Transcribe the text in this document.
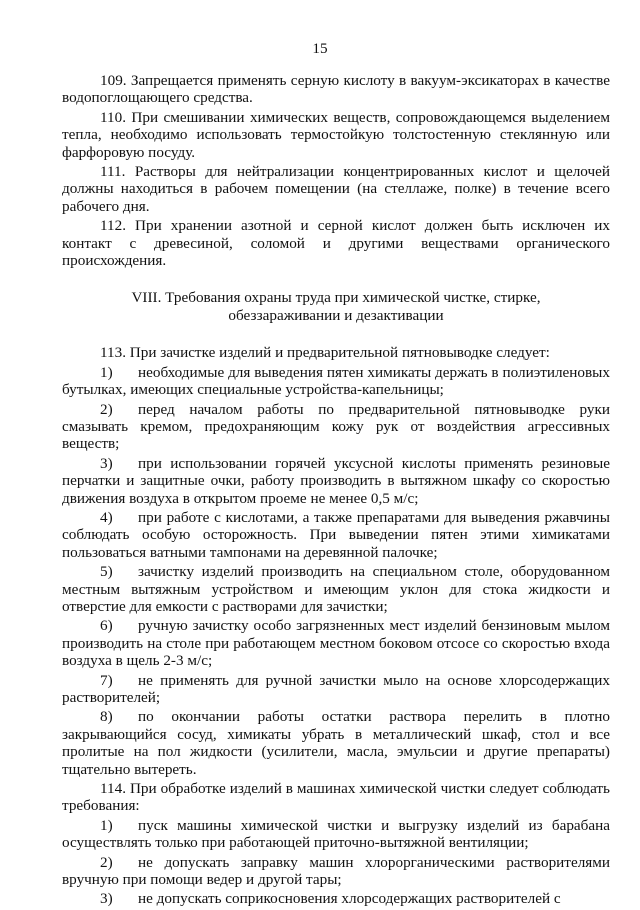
15

109. Запрещается применять серную кислоту в вакуум-эксикаторах в качестве водопоглощающего средства.

110. При смешивании химических веществ, сопровождающемся выделением тепла, необходимо использовать термостойкую толстостенную стеклянную или фарфоровую посуду.

111. Растворы для нейтрализации концентрированных кислот и щелочей должны находиться в рабочем помещении (на стеллаже, полке) в течение всего рабочего дня.

112. При хранении азотной и серной кислот должен быть исключен их контакт с древесиной, соломой и другими веществами органического происхождения.

VIII. Требования охраны труда при химической чистке, стирке,
обеззараживании и дезактивации

113. При зачистке изделий и предварительной пятновыводке следует:

1) необходимые для выведения пятен химикаты держать в полиэтиленовых бутылках, имеющих специальные устройства-капельницы;

2) перед началом работы по предварительной пятновыводке руки смазывать кремом, предохраняющим кожу рук от воздействия агрессивных веществ;

3) при использовании горячей уксусной кислоты применять резиновые перчатки и защитные очки, работу производить в вытяжном шкафу со скоростью движения воздуха в открытом проеме не менее 0,5 м/с;

4) при работе с кислотами, а также препаратами для выведения ржавчины соблюдать особую осторожность. При выведении пятен этими химикатами пользоваться ватными тампонами на деревянной палочке;

5) зачистку изделий производить на специальном столе, оборудованном местным вытяжным устройством и имеющим уклон для стока жидкости и отверстие для емкости с растворами для зачистки;

6) ручную зачистку особо загрязненных мест изделий бензиновым мылом производить на столе при работающем местном боковом отсосе со скоростью входа воздуха в щель 2-3 м/с;

7) не применять для ручной зачистки мыло на основе хлорсодержащих растворителей;

8) по окончании работы остатки раствора перелить в плотно закрывающийся сосуд, химикаты убрать в металлический шкаф, стол и все пролитые на пол жидкости (усилители, масла, эмульсии и другие препараты) тщательно вытереть.

114. При обработке изделий в машинах химической чистки следует соблюдать требования:

1) пуск машины химической чистки и выгрузку изделий из барабана осуществлять только при работающей приточно-вытяжной вентиляции;

2) не допускать заправку машин хлорорганическими растворителями вручную при помощи ведер и другой тары;

3) не допускать соприкосновения хлорсодержащих растворителей с
